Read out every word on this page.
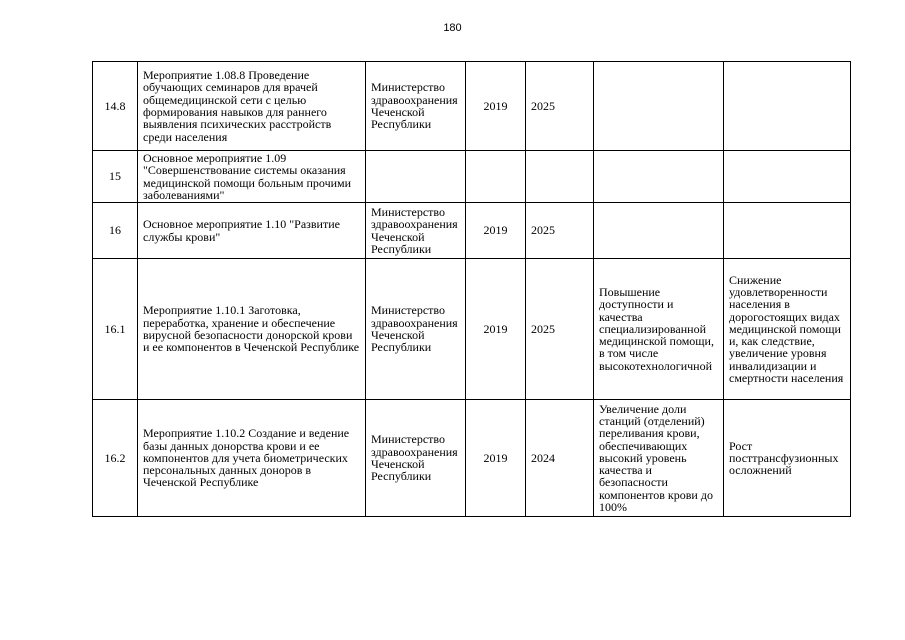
180
14.8	Мероприятие 1.08.8 Проведение обучающих семинаров для врачей общемедицинской сети с целью формирования навыков для раннего выявления психических расстройств среди населения	Министерство здравоохранения Чеченской Республики	2019	2025		
15	Основное мероприятие 1.09 "Совершенствование системы оказания медицинской помощи больным прочими заболеваниями"					
16	Основное мероприятие 1.10 "Развитие службы крови"	Министерство здравоохранения Чеченской Республики	2019	2025		
16.1	Мероприятие 1.10.1 Заготовка, переработка, хранение и обеспечение вирусной безопасности донорской крови и ее компонентов в Чеченской Республике	Министерство здравоохранения Чеченской Республики	2019	2025	Повышение доступности и качества специализированной медицинской помощи, в том числе высокотехнологичной	Снижение удовлетворенности населения в дорогостоящих видах медицинской помощи и, как следствие, увеличение уровня инвалидизации и смертности населения
16.2	Мероприятие 1.10.2 Создание и ведение базы данных донорства крови и ее компонентов для учета биометрических персональных данных доноров в Чеченской Республике	Министерство здравоохранения Чеченской Республики	2019	2024	Увеличение доли станций (отделений) переливания крови, обеспечивающих высокий уровень качества и безопасности компонентов крови до 100%	Рост посттрансфузионных осложнений
